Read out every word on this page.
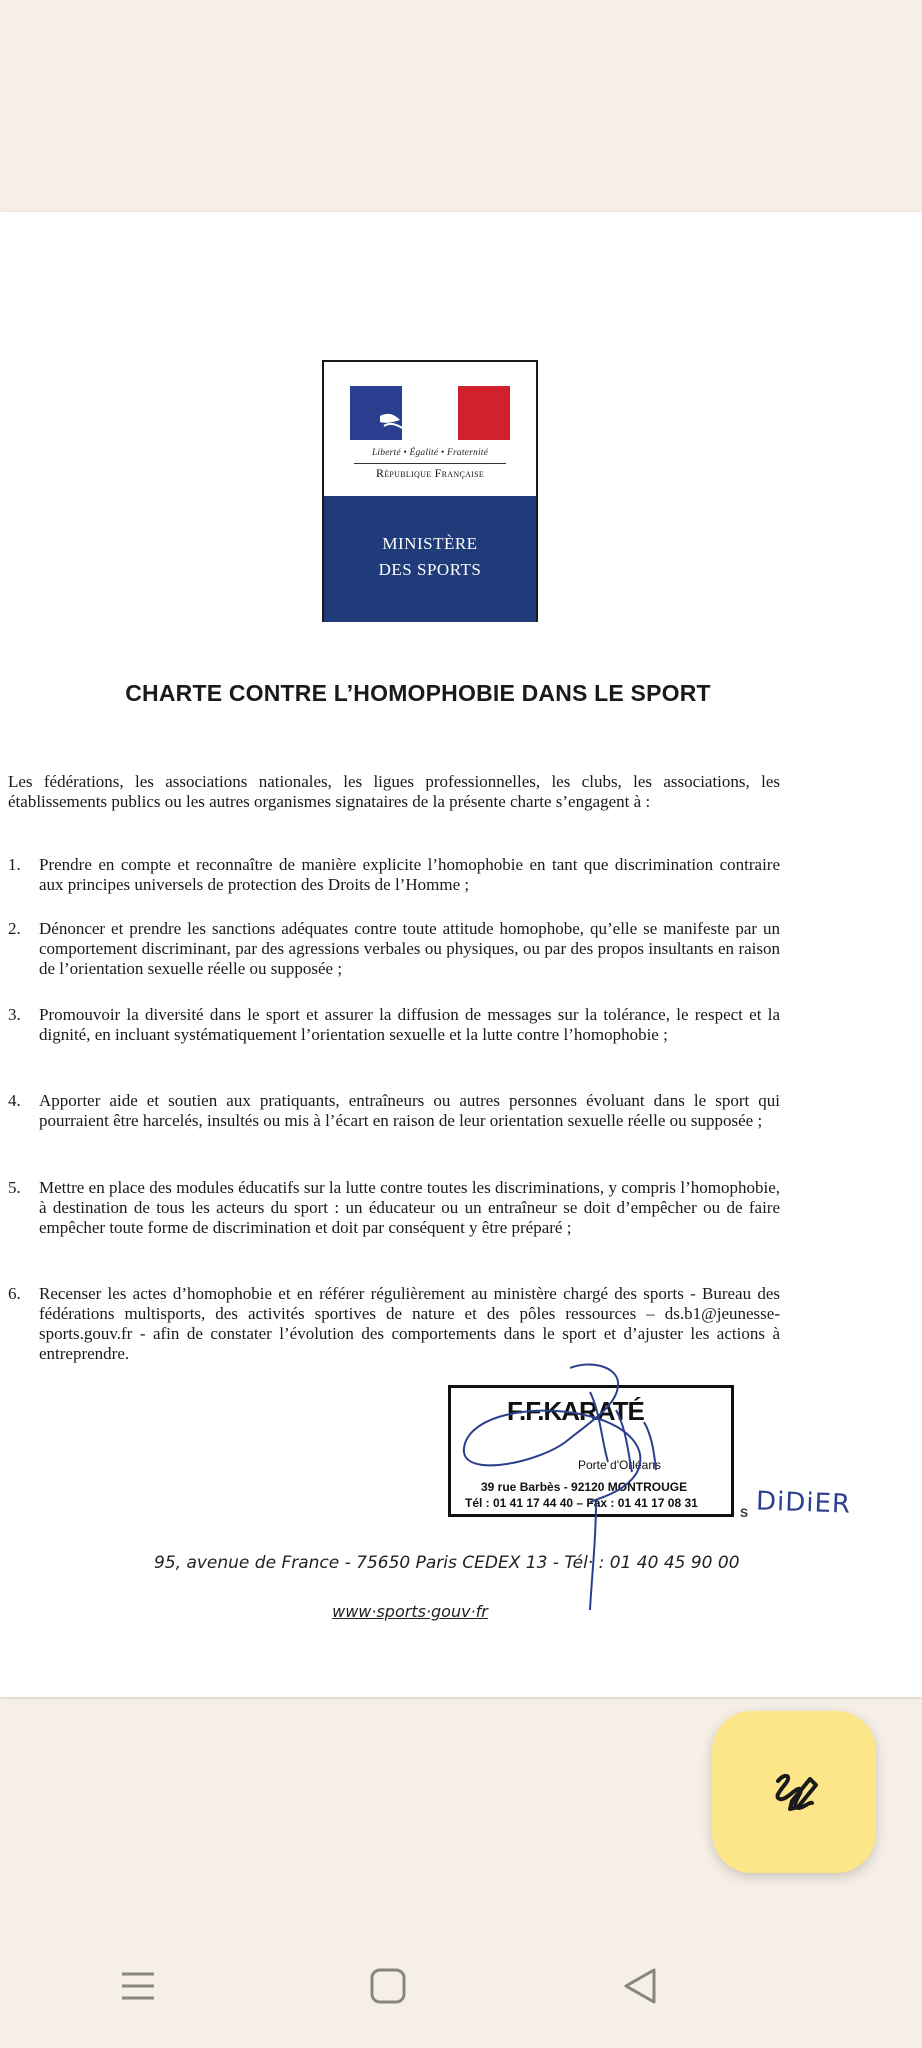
Liberté • Égalité • Fraternité
République Française
MINISTÈRE
DES SPORTS
CHARTE CONTRE L’HOMOPHOBIE DANS LE SPORT
Les fédérations, les associations nationales, les ligues professionnelles, les clubs, les associations, les établissements publics ou les autres organismes signataires de la présente charte s’engagent à :
1.	Prendre en compte et reconnaître de manière explicite l’homophobie en tant que discrimination contraire aux principes universels de protection des Droits de l’Homme ;
2.	Dénoncer et prendre les sanctions adéquates contre toute attitude homophobe, qu’elle se manifeste par un comportement discriminant, par des agressions verbales ou physiques, ou par des propos insultants en raison de l’orientation sexuelle réelle ou supposée ;
3.	Promouvoir la diversité dans le sport et assurer la diffusion de messages sur la tolérance, le respect et la dignité, en incluant systématiquement l’orientation sexuelle et la lutte contre l’homophobie ;
4.	Apporter aide et soutien aux pratiquants, entraîneurs ou autres personnes évoluant dans le sport qui pourraient être harcelés, insultés ou mis à l’écart en raison de leur orientation sexuelle réelle ou supposée ;
5.	Mettre en place des modules éducatifs sur la lutte contre toutes les discriminations, y compris l’homophobie, à destination de tous les acteurs du sport : un éducateur ou un entraîneur se doit d’empêcher ou de faire empêcher toute forme de discrimination et doit par conséquent y être préparé ;
6.	Recenser les actes d’homophobie et en référer régulièrement au ministère chargé des sports - Bureau des fédérations multisports, des activités sportives de nature et des pôles ressources – ds.b1@jeunesse-sports.gouv.fr - afin de constater l’évolution des comportements dans le sport et d’ajuster les actions à entreprendre.
F.F.KARATÉ
Porte d'Orléans
39 rue Barbès - 92120 MONTROUGE
Tél : 01 41 17 44 40 – Fax : 01 41 17 08 31
S DiDiER
95, avenue de France - 75650 Paris CEDEX 13 - Tél· : 01 40 45 90 00
www·sports·gouv·fr
